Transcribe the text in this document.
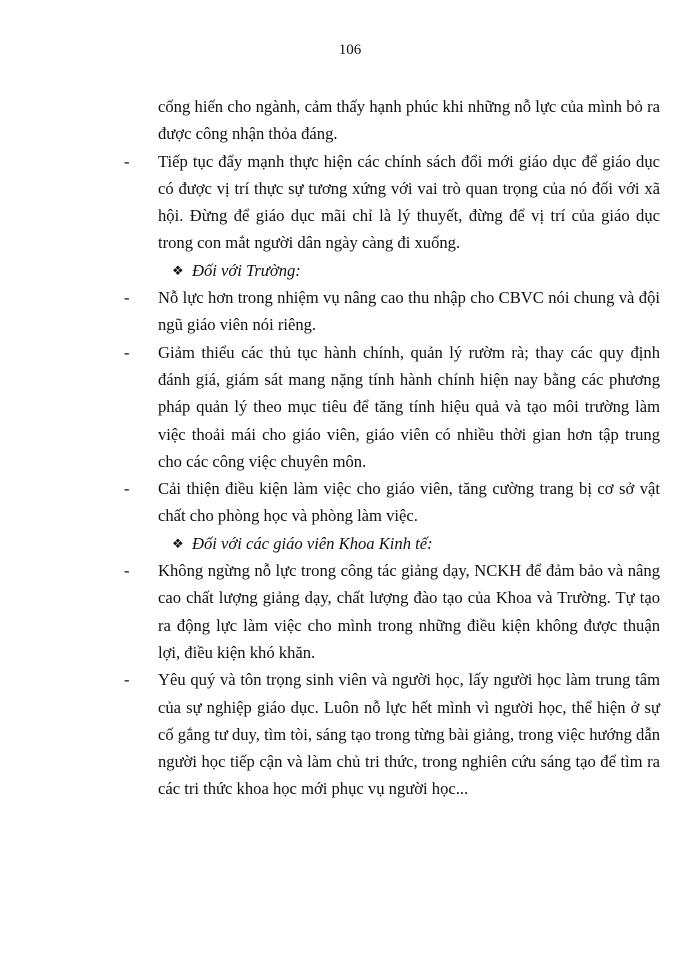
106

cống hiến cho ngành, cảm thấy hạnh phúc khi những nỗ lực của mình bỏ ra được công nhận thỏa đáng.

- Tiếp tục đẩy mạnh thực hiện các chính sách đổi mới giáo dục để giáo dục có được vị trí thực sự tương xứng với vai trò quan trọng của nó đối với xã hội. Đừng để giáo dục mãi chỉ là lý thuyết, đừng để vị trí của giáo dục trong con mắt người dân ngày càng đi xuống.

❖ Đối với Trường:

- Nỗ lực hơn trong nhiệm vụ nâng cao thu nhập cho CBVC nói chung và đội ngũ giáo viên nói riêng.

- Giảm thiểu các thủ tục hành chính, quản lý rườm rà; thay các quy định đánh giá, giám sát mang nặng tính hành chính hiện nay bằng các phương pháp quản lý theo mục tiêu để tăng tính hiệu quả và tạo môi trường làm việc thoải mái cho giáo viên, giáo viên có nhiều thời gian hơn tập trung cho các công việc chuyên môn.

- Cải thiện điều kiện làm việc cho giáo viên, tăng cường trang bị cơ sở vật chất cho phòng học và phòng làm việc.

❖ Đối với các giáo viên Khoa Kinh tế:

- Không ngừng nỗ lực trong công tác giảng dạy, NCKH để đảm bảo và nâng cao chất lượng giảng dạy, chất lượng đào tạo của Khoa và Trường. Tự tạo ra động lực làm việc cho mình trong những điều kiện không được thuận lợi, điều kiện khó khăn.

- Yêu quý và tôn trọng sinh viên và người học, lấy người học làm trung tâm của sự nghiệp giáo dục. Luôn nỗ lực hết mình vì người học, thể hiện ở sự cố gắng tư duy, tìm tòi, sáng tạo trong từng bài giảng, trong việc hướng dẫn người học tiếp cận và làm chủ tri thức, trong nghiên cứu sáng tạo để tìm ra các tri thức khoa học mới phục vụ người học...
